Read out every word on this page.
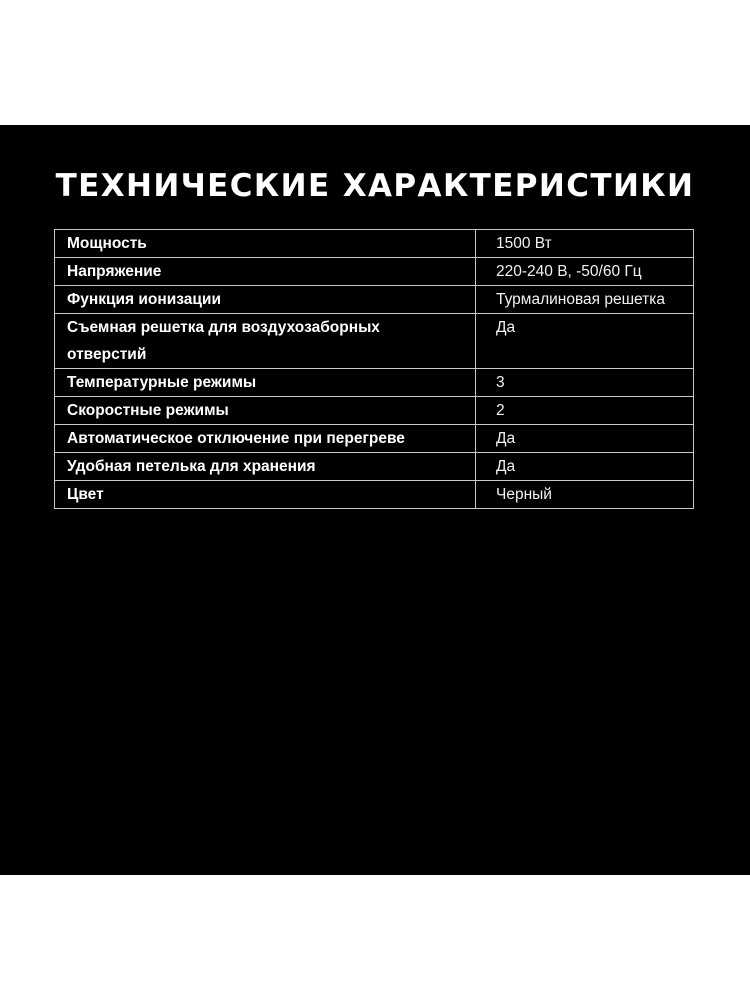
ТЕХНИЧЕСКИЕ ХАРАКТЕРИСТИКИ
Мощность	1500 Вт
Напряжение	220-240 В, -50/60 Гц
Функция ионизации	Турмалиновая решетка
Съемная решетка для воздухозаборных отверстий	Да
Температурные режимы	3
Скоростные режимы	2
Автоматическое отключение при перегреве	Да
Удобная петелька для хранения	Да
Цвет	Черный
